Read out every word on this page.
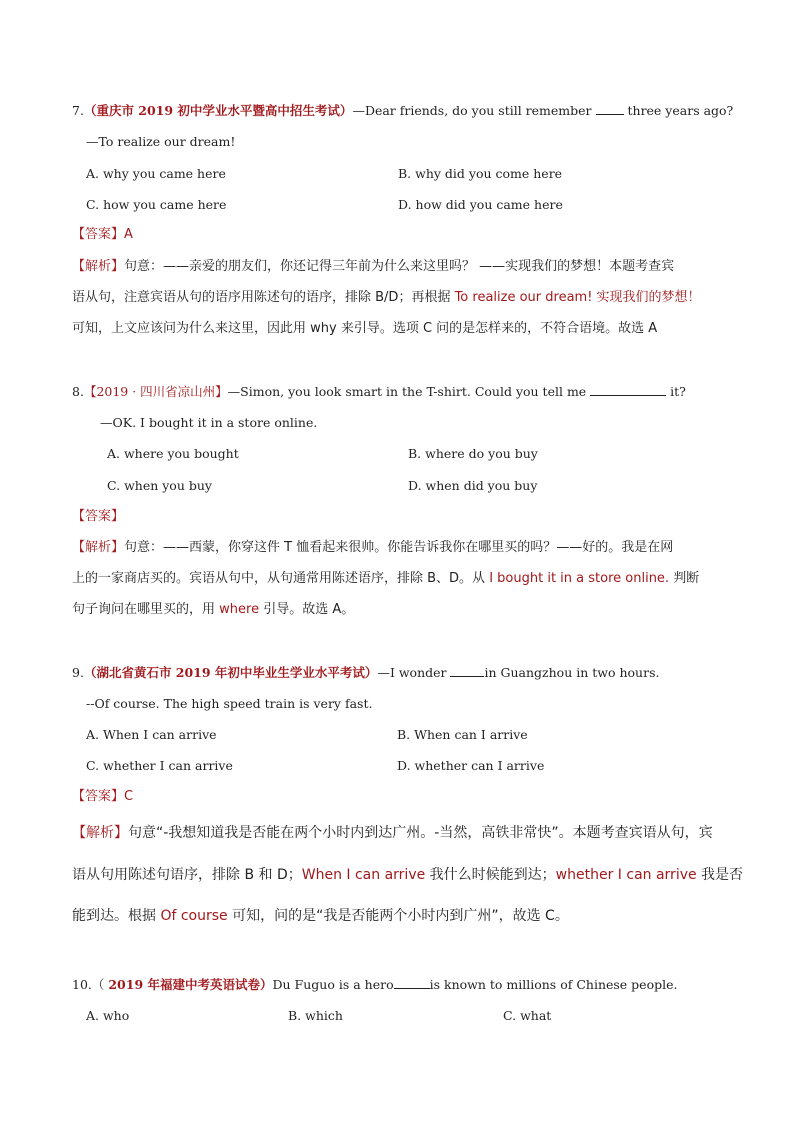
7.（重庆市 2019 初中学业水平暨高中招生考试）—Dear friends, do you still remember  three years ago?
—To realize our dream!
A. why you came here	B. why did you come here
C. how you came here	D. how did you came here
【答案】A
【解析】句意：——亲爱的朋友们，你还记得三年前为什么来这里吗？ ——实现我们的梦想！本题考查宾
语从句，注意宾语从句的语序用陈述句的语序，排除 B/D；再根据 To realize our dream! 实现我们的梦想！
可知，上文应该问为什么来这里，因此用 why 来引导。选项 C 问的是怎样来的，不符合语境。故选 A
8.【2019 · 四川省凉山州】—Simon, you look smart in the T-shirt. Could you tell me	it?
—OK. I bought it in a store online.
A. where you bought	B. where do you buy
C. when you buy	D. when did you buy
【答案】
【解析】句意：——西蒙，你穿这件 T 恤看起来很帅。你能告诉我你在哪里买的吗？——好的。我是在网
上的一家商店买的。宾语从句中，从句通常用陈述语序，排除 B、D。从 I bought it in a store online. 判断
句子询问在哪里买的，用 where 引导。故选 A。
9.（湖北省黄石市 2019 年初中毕业生学业水平考试）—I wonder	in Guangzhou in two hours.
--Of course. The high speed train is very fast.
A. When I can arrive	B. When can I arrive
C. whether I can arrive	D. whether can I arrive
【答案】C
【解析】句意“-我想知道我是否能在两个小时内到达广州。-当然，高铁非常快”。本题考查宾语从句，宾
语从句用陈述句语序，排除 B 和 D；When I can arrive 我什么时候能到达；whether I can arrive 我是否
能到达。根据 Of course 可知，问的是“我是否能两个小时内到广州”，故选 C。
10.（ 2019 年福建中考英语试卷）Du Fuguo is a hero	is known to millions of Chinese people.
A. who	B. which	C. what
